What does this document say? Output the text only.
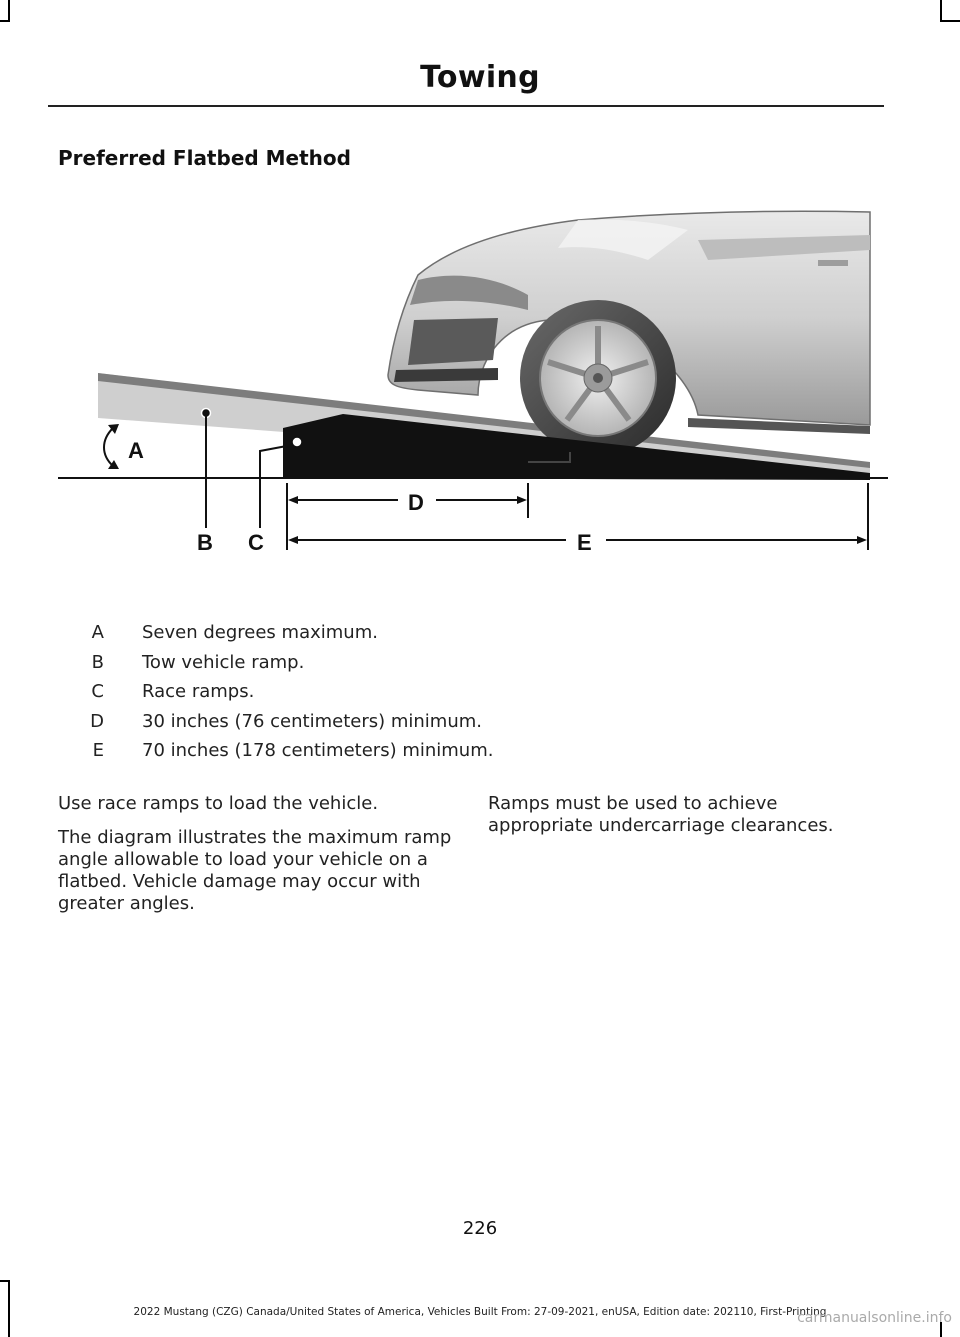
Towing
Preferred Flatbed Method
A
B C
D
E
A Seven degrees maximum.
B Tow vehicle ramp.
C Race ramps.
D 30 inches (76 centimeters) minimum.
E 70 inches (178 centimeters) minimum.

Use race ramps to load the vehicle.

The diagram illustrates the maximum ramp angle allowable to load your vehicle on a flatbed. Vehicle damage may occur with greater angles.

Ramps must be used to achieve appropriate undercarriage clearances.

226
2022 Mustang (CZG) Canada/United States of America, Vehicles Built From: 27-09-2021, enUSA, Edition date: 202110, First-Printing
carmanualsonline.info
